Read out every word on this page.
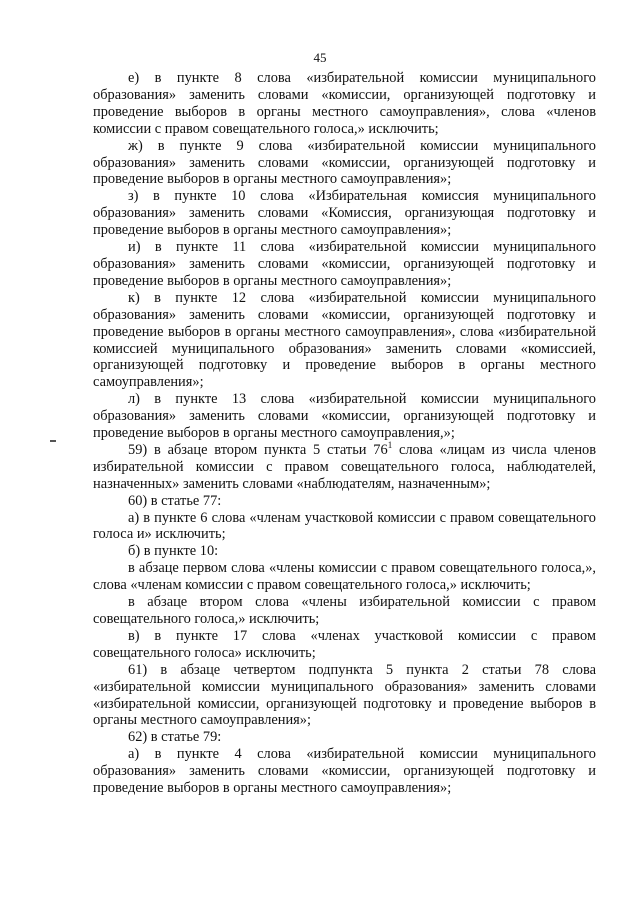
45

е) в пункте 8 слова «избирательной комиссии муниципального образования» заменить словами «комиссии, организующей подготовку и проведение выборов в органы местного самоуправления», слова «членов комиссии с правом совещательного голоса,» исключить;

ж) в пункте 9 слова «избирательной комиссии муниципального образования» заменить словами «комиссии, организующей подготовку и проведение выборов в органы местного самоуправления»;

з) в пункте 10 слова «Избирательная комиссия муниципального образования» заменить словами «Комиссия, организующая подготовку и проведение выборов в органы местного самоуправления»;

и) в пункте 11 слова «избирательной комиссии муниципального образования» заменить словами «комиссии, организующей подготовку и проведение выборов в органы местного самоуправления»;

к) в пункте 12 слова «избирательной комиссии муниципального образования» заменить словами «комиссии, организующей подготовку и проведение выборов в органы местного самоуправления», слова «избирательной комиссией муниципального образования» заменить словами «комиссией, организующей подготовку и проведение выборов в органы местного самоуправления»;

л) в пункте 13 слова «избирательной комиссии муниципального образования» заменить словами «комиссии, организующей подготовку и проведение выборов в органы местного самоуправления,»;

59) в абзаце втором пункта 5 статьи $76^1$ слова «лицам из числа членов избирательной комиссии с правом совещательного голоса, наблюдателей, назначенных» заменить словами «наблюдателям, назначенным»;

60) в статье 77:

а) в пункте 6 слова «членам участковой комиссии с правом совещательного голоса и» исключить;

б) в пункте 10:

в абзаце первом слова «члены комиссии с правом совещательного голоса,», слова «членам комиссии с правом совещательного голоса,» исключить;

в абзаце втором слова «члены избирательной комиссии с правом совещательного голоса,» исключить;

в) в пункте 17 слова «членах участковой комиссии с правом совещательного голоса» исключить;

61) в абзаце четвертом подпункта 5 пункта 2 статьи 78 слова «избирательной комиссии муниципального образования» заменить словами «избирательной комиссии, организующей подготовку и проведение выборов в органы местного самоуправления»;

62) в статье 79:

а) в пункте 4 слова «избирательной комиссии муниципального образования» заменить словами «комиссии, организующей подготовку и проведение выборов в органы местного самоуправления»;
